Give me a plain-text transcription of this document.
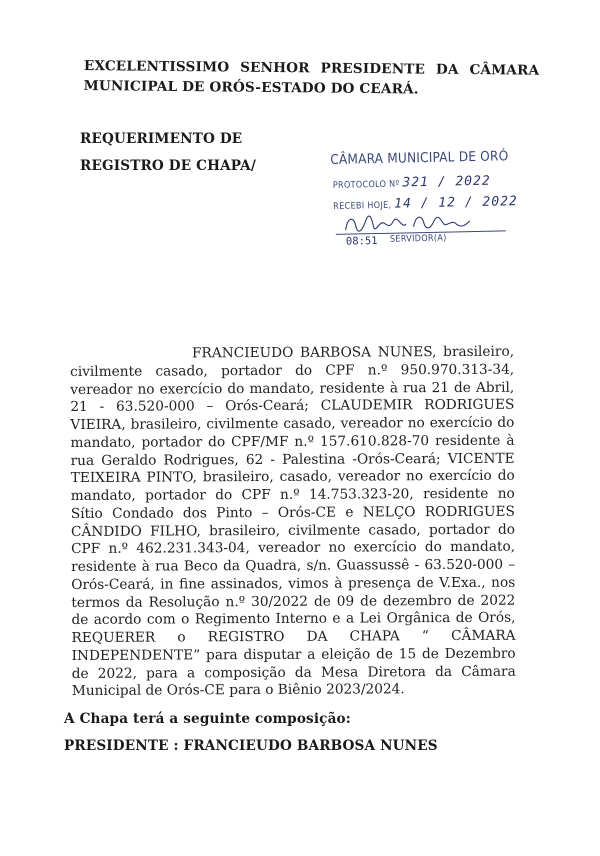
EXCELENTISSIMO SENHOR PRESIDENTE DA CÂMARA
MUNICIPAL DE ORÓS-ESTADO DO CEARÁ.
REQUERIMENTO DE
REGISTRO DE CHAPA/	CÂMARA MUNICIPAL DE ORÓ
PROTOCOLO Nº 321 / 2022
RECEBI HOJE, 14 / 12 / 2022
08:51 SERVIDOR(A)
FRANCIEUDO BARBOSA NUNES, brasileiro, civilmente casado, portador do CPF n.º 950.970.313-34, vereador no exercício do mandato, residente à rua 21 de Abril, 21 - 63.520-000 – Orós-Ceará; CLAUDEMIR RODRIGUES VIEIRA, brasileiro, civilmente casado, vereador no exercício do mandato, portador do CPF/MF n.º 157.610.828-70 residente à rua Geraldo Rodrigues, 62 - Palestina -Orós-Ceará; VICENTE TEIXEIRA PINTO, brasileiro, casado, vereador no exercício do mandato, portador do CPF n.º 14.753.323-20, residente no Sítio Condado dos Pinto – Orós-CE e NELÇO RODRIGUES CÂNDIDO FILHO, brasileiro, civilmente casado, portador do CPF n.º 462.231.343-04, vereador no exercício do mandato, residente à rua Beco da Quadra, s/n. Guassussê - 63.520-000 – Orós-Ceará, in fine assinados, vimos à presença de V.Exa., nos termos da Resolução n.º 30/2022 de 09 de dezembro de 2022 de acordo com o Regimento Interno e a Lei Orgânica de Orós, REQUERER o REGISTRO DA CHAPA “ CÂMARA INDEPENDENTE” para disputar a eleição de 15 de Dezembro de 2022, para a composição da Mesa Diretora da Câmara Municipal de Orós-CE para o Biênio 2023/2024.
A Chapa terá a seguinte composição:
PRESIDENTE : FRANCIEUDO BARBOSA NUNES
